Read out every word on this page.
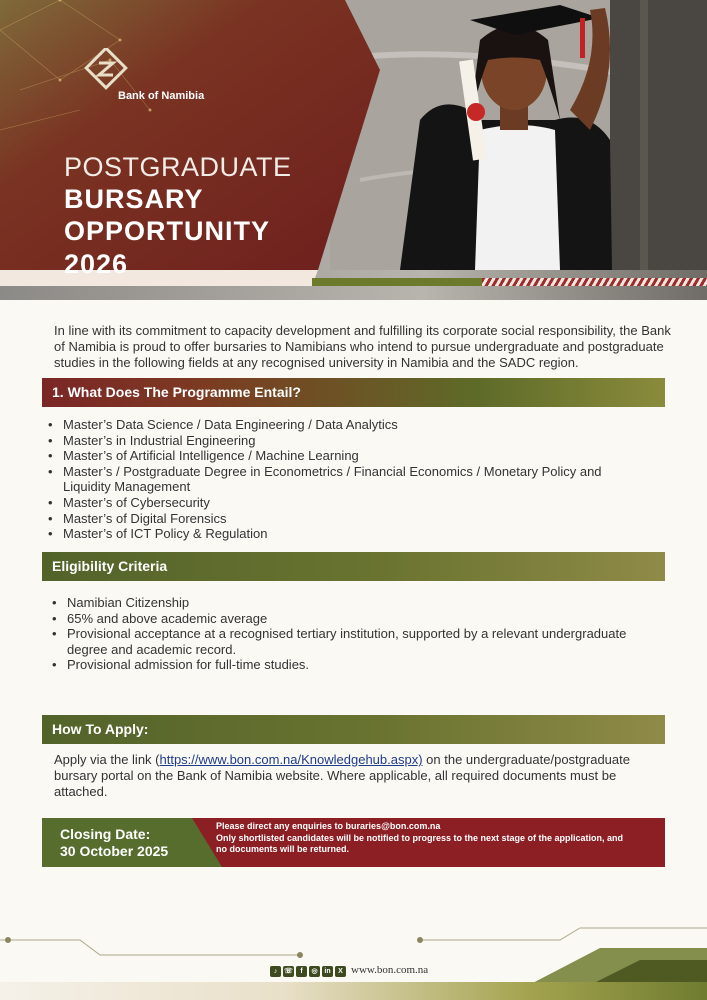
Bank of Namibia
POSTGRADUATE
BURSARY
OPPORTUNITY
2026
In line with its commitment to capacity development and fulfilling its corporate social responsibility, the Bank of Namibia is proud to offer bursaries to Namibians who intend to pursue undergraduate and postgraduate studies in the following fields at any recognised university in Namibia and the SADC region.
1. What Does The Programme Entail?
• Master’s Data Science / Data Engineering / Data Analytics
• Master’s in Industrial Engineering
• Master’s of Artificial Intelligence / Machine Learning
• Master’s / Postgraduate Degree in Econometrics / Financial Economics / Monetary Policy and Liquidity Management
• Master’s of Cybersecurity
• Master’s of Digital Forensics
• Master’s of ICT Policy & Regulation
Eligibility Criteria
• Namibian Citizenship
• 65% and above academic average
• Provisional acceptance at a recognised tertiary institution, supported by a relevant undergraduate degree and academic record.
• Provisional admission for full-time studies.
How To Apply:
Apply via the link (https://www.bon.com.na/Knowledgehub.aspx) on the undergraduate/postgraduate bursary portal on the Bank of Namibia website. Where applicable, all required documents must be attached.
Closing Date:
30 October 2025
Please direct any enquiries to buraries@bon.com.na
Only shortlisted candidates will be notified to progress to the next stage of the application, and no documents will be returned.
♪ ☏	f	◎ in	X www.bon.com.na
